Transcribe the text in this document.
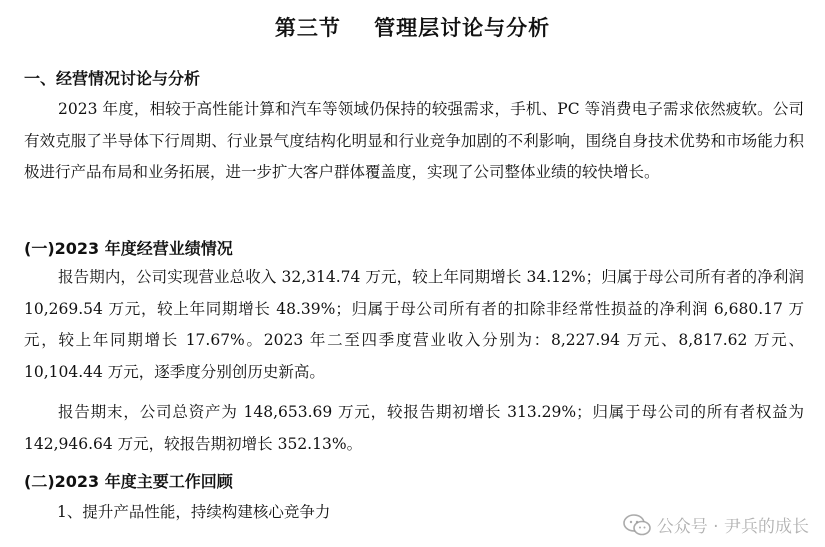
第三节    管理层讨论与分析
一、经营情况讨论与分析

2023 年度，相较于高性能计算和汽车等领域仍保持的较强需求，手机、PC 等消费电子需求依然疲软。公司有效克服了半导体下行周期、行业景气度结构化明显和行业竞争加剧的不利影响，围绕自身技术优势和市场能力积极进行产品布局和业务拓展，进一步扩大客户群体覆盖度，实现了公司整体业绩的较快增长。

(一)2023 年度经营业绩情况

报告期内，公司实现营业总收入 32,314.74 万元，较上年同期增长 34.12%；归属于母公司所有者的净利润 10,269.54 万元，较上年同期增长 48.39%；归属于母公司所有者的扣除非经常性损益的净利润 6,680.17 万元，较上年同期增长 17.67%。2023 年二至四季度营业收入分别为：8,227.94 万元、8,817.62 万元、10,104.44 万元，逐季度分别创历史新高。

报告期末，公司总资产为 148,653.69 万元，较报告期初增长 313.29%；归属于母公司的所有者权益为 142,946.64 万元，较报告期初增长 352.13%。

(二)2023 年度主要工作回顾
1、提升产品性能，持续构建核心竞争力
公众号 · 尹兵的成长
